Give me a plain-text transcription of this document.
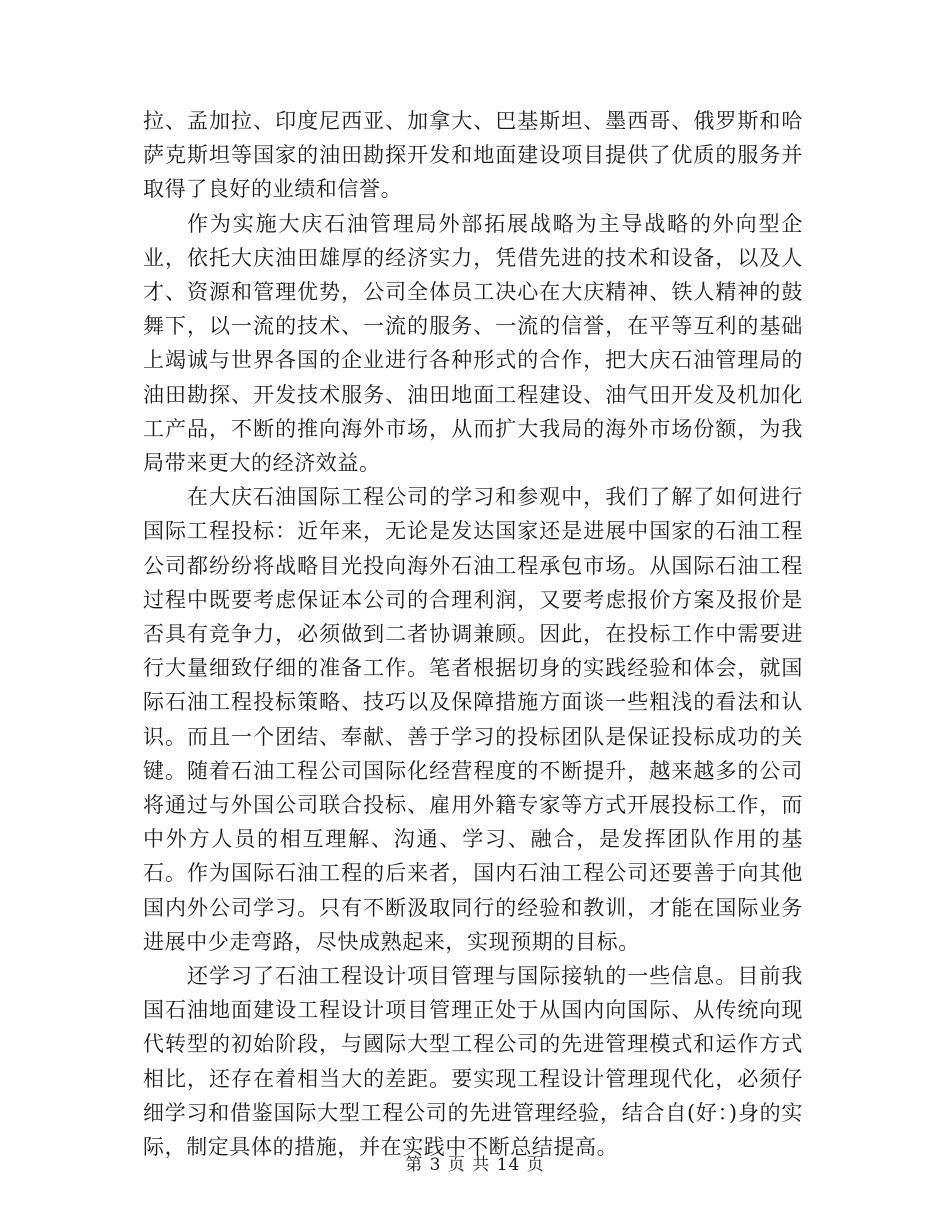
拉、孟加拉、印度尼西亚、加拿大、巴基斯坦、墨西哥、俄罗斯和哈萨克斯坦等国家的油田勘探开发和地面建设项目提供了优质的服务并取得了良好的业绩和信誉。

作为实施大庆石油管理局外部拓展战略为主导战略的外向型企业，依托大庆油田雄厚的经济实力，凭借先进的技术和设备，以及人才、资源和管理优势，公司全体员工决心在大庆精神、铁人精神的鼓舞下，以一流的技术、一流的服务、一流的信誉，在平等互利的基础上竭诚与世界各国的企业进行各种形式的合作，把大庆石油管理局的油田勘探、开发技术服务、油田地面工程建设、油气田开发及机加化工产品，不断的推向海外市场，从而扩大我局的海外市场份额，为我局带来更大的经济效益。

在大庆石油国际工程公司的学习和参观中，我们了解了如何进行国际工程投标：近年来，无论是发达国家还是进展中国家的石油工程公司都纷纷将战略目光投向海外石油工程承包市场。从国际石油工程过程中既要考虑保证本公司的合理利润，又要考虑报价方案及报价是否具有竞争力，必须做到二者协调兼顾。因此，在投标工作中需要进行大量细致仔细的准备工作。笔者根据切身的实践经验和体会，就国际石油工程投标策略、技巧以及保障措施方面谈一些粗浅的看法和认识。而且一个团结、奉献、善于学习的投标团队是保证投标成功的关键。随着石油工程公司国际化经营程度的不断提升，越来越多的公司将通过与外国公司联合投标、雇用外籍专家等方式开展投标工作，而中外方人员的相互理解、沟通、学习、融合，是发挥团队作用的基石。作为国际石油工程的后来者，国内石油工程公司还要善于向其他国内外公司学习。只有不断汲取同行的经验和教训，才能在国际业务进展中少走弯路，尽快成熟起来，实现预期的目标。

还学习了石油工程设计项目管理与国际接轨的一些信息。目前我国石油地面建设工程设计项目管理正处于从国内向国际、从传统向现代转型的初始阶段，与國际大型工程公司的先进管理模式和运作方式相比，还存在着相当大的差距。要实现工程设计管理现代化，必须仔细学习和借鉴国际大型工程公司的先进管理经验，结合自(好：)身的实际，制定具体的措施，并在实践中不断总结提高。

第 3 页 共 14 页
